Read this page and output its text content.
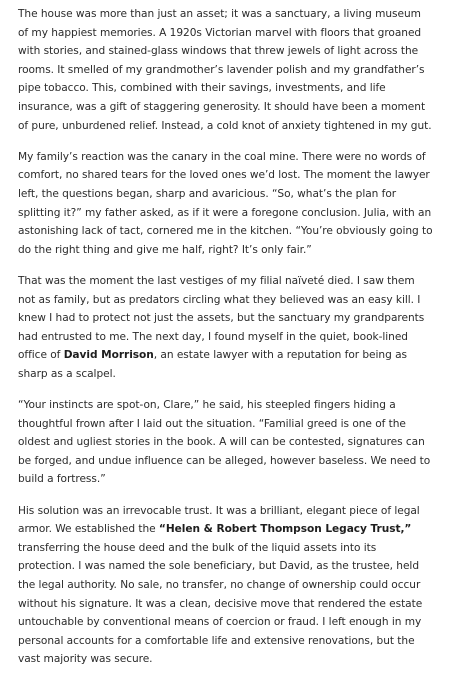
The house was more than just an asset; it was a sanctuary, a living museum of my happiest memories. A 1920s Victorian marvel with floors that groaned with stories, and stained-glass windows that threw jewels of light across the rooms. It smelled of my grandmother’s lavender polish and my grandfather’s pipe tobacco. This, combined with their savings, investments, and life insurance, was a gift of staggering generosity. It should have been a moment of pure, unburdened relief. Instead, a cold knot of anxiety tightened in my gut.

My family’s reaction was the canary in the coal mine. There were no words of comfort, no shared tears for the loved ones we’d lost. The moment the lawyer left, the questions began, sharp and avaricious. “So, what’s the plan for splitting it?” my father asked, as if it were a foregone conclusion. Julia, with an astonishing lack of tact, cornered me in the kitchen. “You’re obviously going to do the right thing and give me half, right? It’s only fair.”

That was the moment the last vestiges of my filial naïveté died. I saw them not as family, but as predators circling what they believed was an easy kill. I knew I had to protect not just the assets, but the sanctuary my grandparents had entrusted to me. The next day, I found myself in the quiet, book-lined office of David Morrison, an estate lawyer with a reputation for being as sharp as a scalpel.

“Your instincts are spot-on, Clare,” he said, his steepled fingers hiding a thoughtful frown after I laid out the situation. “Familial greed is one of the oldest and ugliest stories in the book. A will can be contested, signatures can be forged, and undue influence can be alleged, however baseless. We need to build a fortress.”

His solution was an irrevocable trust. It was a brilliant, elegant piece of legal armor. We established the “Helen & Robert Thompson Legacy Trust,” transferring the house deed and the bulk of the liquid assets into its protection. I was named the sole beneficiary, but David, as the trustee, held the legal authority. No sale, no transfer, no change of ownership could occur without his signature. It was a clean, decisive move that rendered the estate untouchable by conventional means of coercion or fraud. I left enough in my personal accounts for a comfortable life and extensive renovations, but the vast majority was secure.
